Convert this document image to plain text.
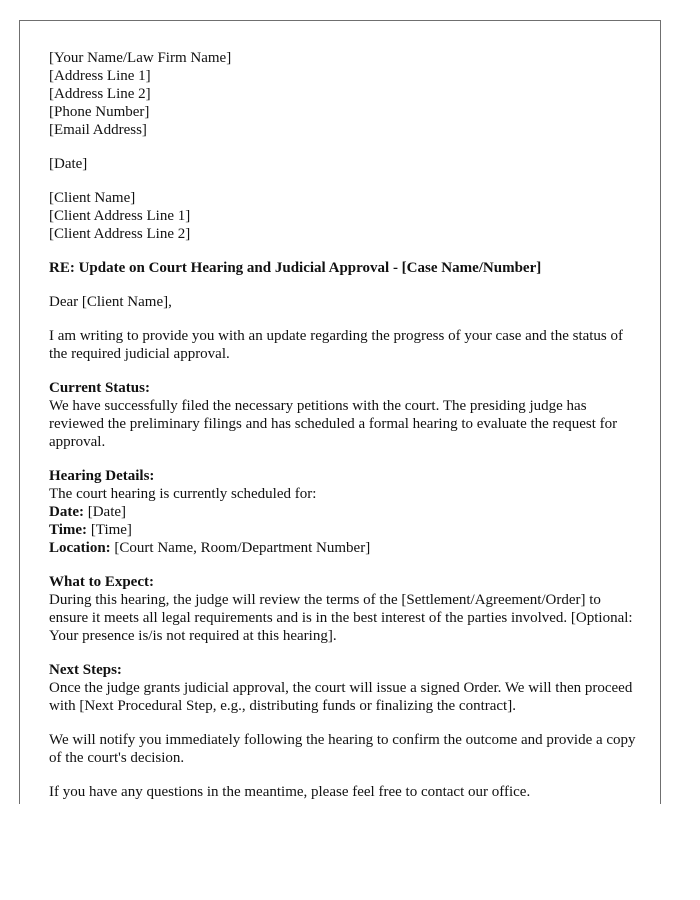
[Your Name/Law Firm Name]
[Address Line 1]
[Address Line 2]
[Phone Number]
[Email Address]
[Date]
[Client Name]
[Client Address Line 1]
[Client Address Line 2]
RE: Update on Court Hearing and Judicial Approval - [Case Name/Number]
Dear [Client Name],

I am writing to provide you with an update regarding the progress of your case and the status of the required judicial approval.

Current Status:
We have successfully filed the necessary petitions with the court. The presiding judge has reviewed the preliminary filings and has scheduled a formal hearing to evaluate the request for approval.
Hearing Details:
The court hearing is currently scheduled for:
Date: [Date]
Time: [Time]
Location: [Court Name, Room/Department Number]
What to Expect:
During this hearing, the judge will review the terms of the [Settlement/Agreement/Order] to ensure it meets all legal requirements and is in the best interest of the parties involved. [Optional: Your presence is/is not required at this hearing].
Next Steps:
Once the judge grants judicial approval, the court will issue a signed Order. We will then proceed with [Next Procedural Step, e.g., distributing funds or finalizing the contract].

We will notify you immediately following the hearing to confirm the outcome and provide a copy of the court's decision.

If you have any questions in the meantime, please feel free to contact our office.
